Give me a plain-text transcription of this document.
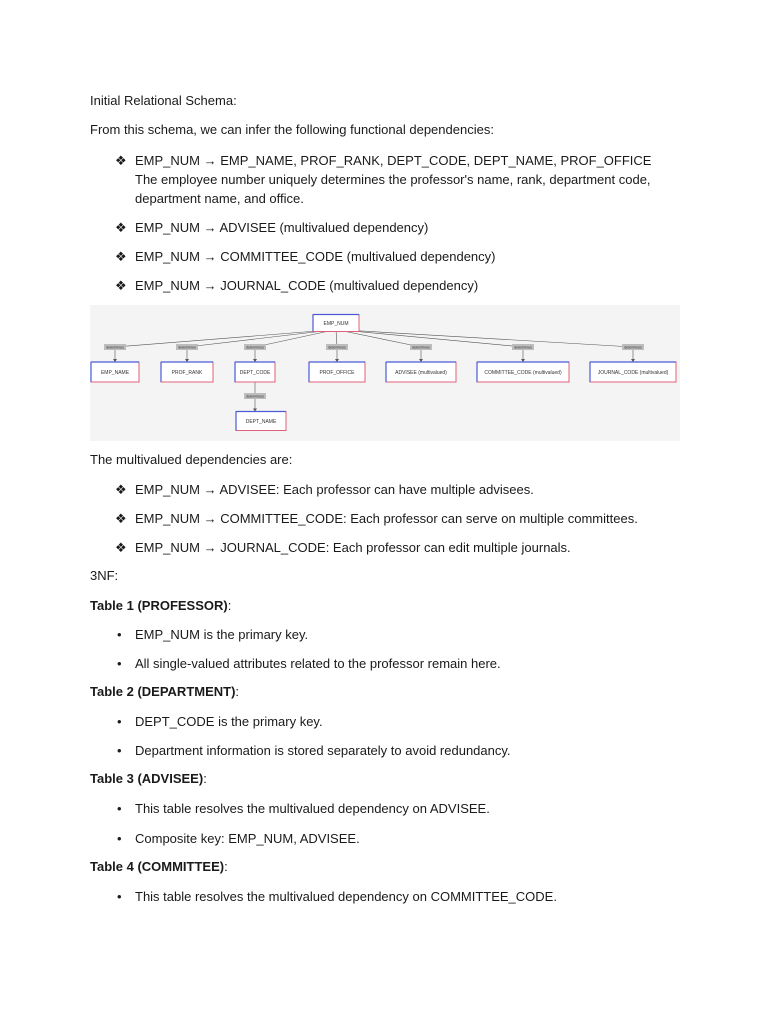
Initial Relational Schema:
From this schema, we can infer the following functional dependencies:
❖ EMP_NUM → EMP_NAME, PROF_RANK, DEPT_CODE, DEPT_NAME, PROF_OFFICE
The employee number uniquely determines the professor's name, rank, department code,
department name, and office.
❖ EMP_NUM → ADVISEE (multivalued dependency)
❖ EMP_NUM → COMMITTEE_CODE (multivalued dependency)
❖ EMP_NUM → JOURNAL_CODE (multivalued dependency)
determines	determines	determines	determines	determines	determines	determines
determines
EMP_NUM
EMP_NAME	PROF_RANK	DEPT_CODE	PROF_OFFICE	ADVISEE (multivalued)	COMMITTEE_CODE (multivalued)	JOURNAL_CODE (multivalued)
DEPT_NAME
The multivalued dependencies are:
❖ EMP_NUM → ADVISEE: Each professor can have multiple advisees.
❖ EMP_NUM → COMMITTEE_CODE: Each professor can serve on multiple committees.
❖ EMP_NUM → JOURNAL_CODE: Each professor can edit multiple journals.
3NF:
Table 1 (PROFESSOR):
•	EMP_NUM is the primary key.
•	All single-valued attributes related to the professor remain here.
Table 2 (DEPARTMENT):
•	DEPT_CODE is the primary key.
•	Department information is stored separately to avoid redundancy.
Table 3 (ADVISEE):
•	This table resolves the multivalued dependency on ADVISEE.
•	Composite key: EMP_NUM, ADVISEE.
Table 4 (COMMITTEE):
•	This table resolves the multivalued dependency on COMMITTEE_CODE.
